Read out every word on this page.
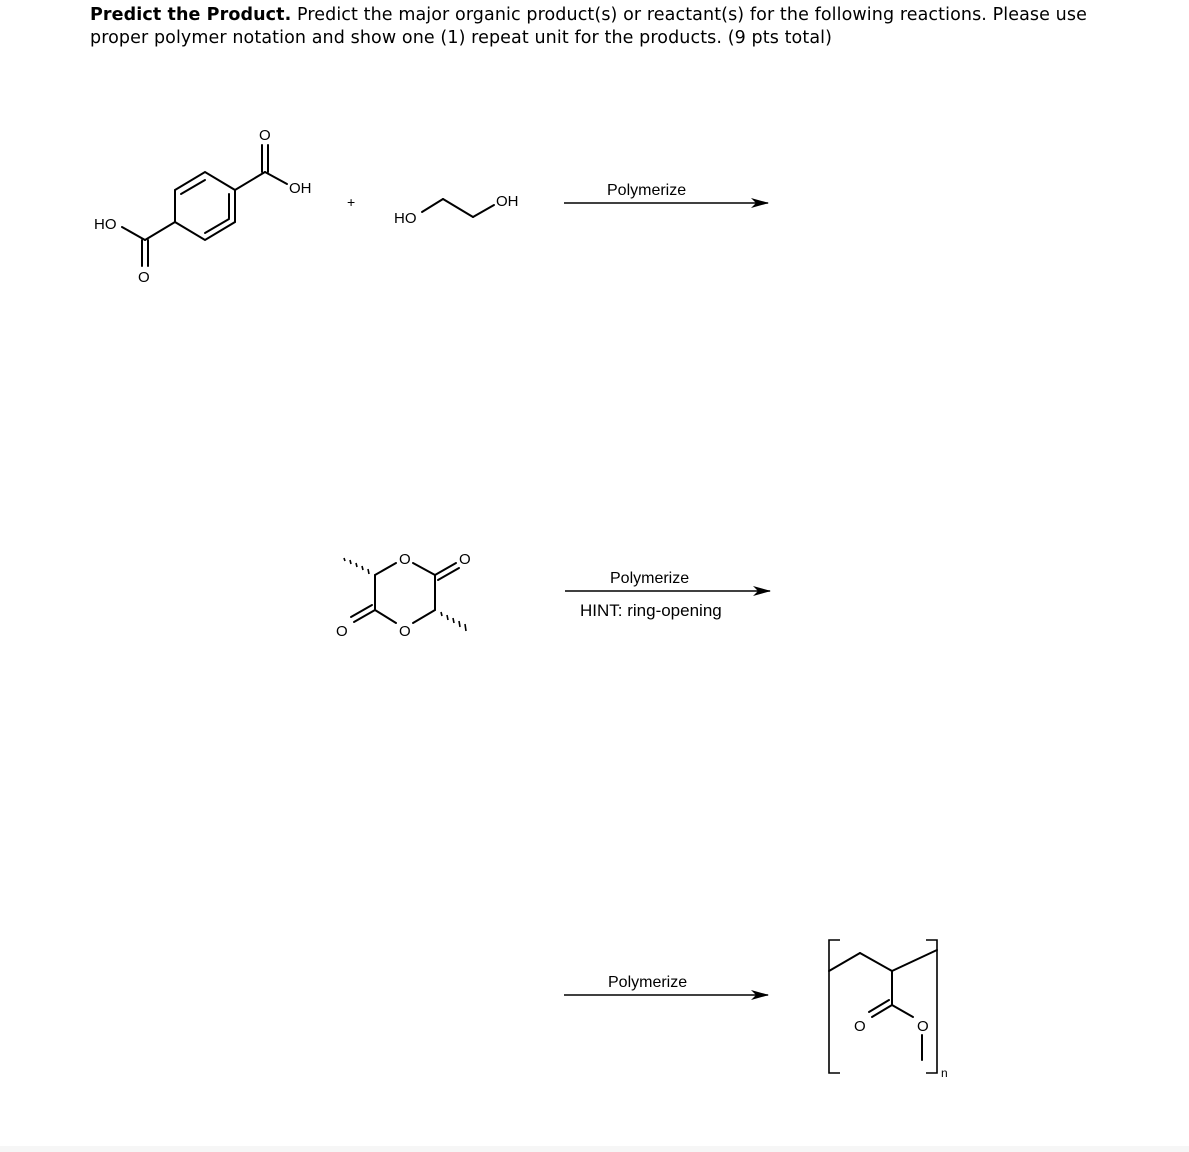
Predict the Product. Predict the major organic product(s) or reactant(s) for the following reactions. Please use proper polymer notation and show one (1) repeat unit for the products. (9 pts total)
O
OH
HO
O
+
HO
OH
Polymerize
O
O
O
O
Polymerize
HINT: ring-opening
Polymerize
O	O
n
